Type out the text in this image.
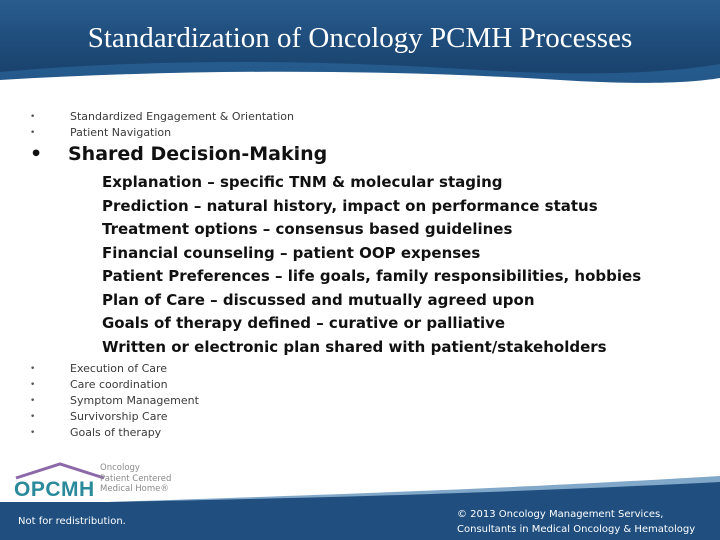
Standardization of Oncology PCMH Processes
•	Standardized Engagement & Orientation
•	Patient Navigation
• Shared Decision-Making
Explanation – specific TNM & molecular staging
Prediction – natural history, impact on performance status
Treatment options – consensus based guidelines
Financial counseling – patient OOP expenses
Patient Preferences – life goals, family responsibilities, hobbies
Plan of Care – discussed and mutually agreed upon
Goals of therapy defined – curative or palliative
Written or electronic plan shared with patient/stakeholders
•	Execution of Care
•	Care coordination
•	Symptom Management
•	Survivorship Care
•	Goals of therapy
OPCMH
Oncology
Patient Centered
Medical Home®
Not for redistribution.
© 2013 Oncology Management Services,
Consultants in Medical Oncology & Hematology
